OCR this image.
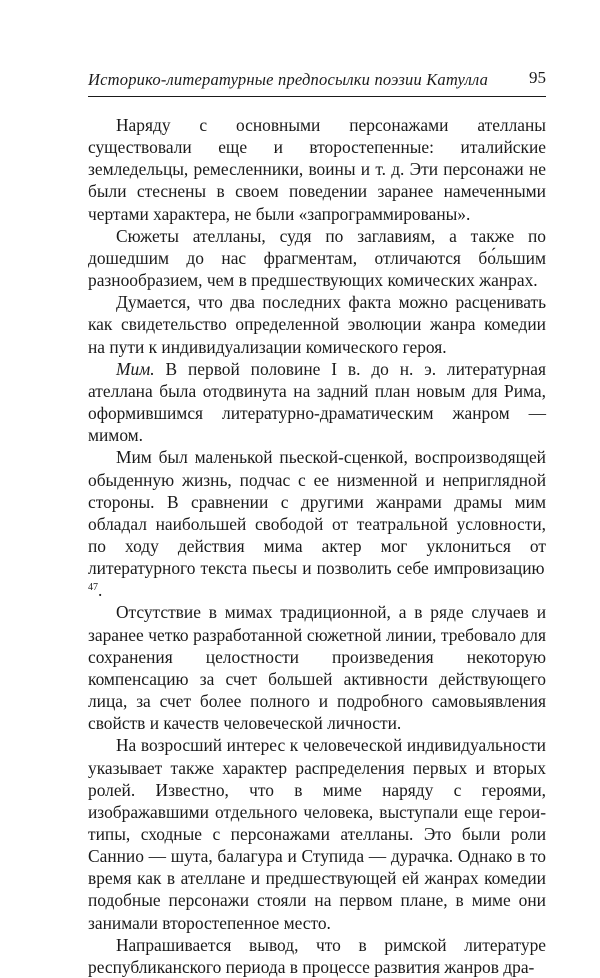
Историко-литературные предпосылки поэзии Катулла 95

Наряду с основными персонажами ателланы существовали еще и второстепенные: италийские земледельцы, ремесленники, воины и т. д. Эти персонажи не были стеснены в своем поведении заранее намеченными чертами характера, не были «запрограммированы».

Сюжеты ателланы, судя по заглавиям, а также по дошедшим до нас фрагментам, отличаются бо́льшим разнообразием, чем в предшествующих комических жанрах.

Думается, что два последних факта можно расценивать как свидетельство определенной эволюции жанра комедии на пути к индивидуализации комического героя.

Мим. В первой половине I в. до н. э. литературная ателлана была отодвинута на задний план новым для Рима, оформившимся литературно-драматическим жанром — мимом.

Мим был маленькой пьеской-сценкой, воспроизводящей обыденную жизнь, подчас с ее низменной и неприглядной стороны. В сравнении с другими жанрами драмы мим обладал наибольшей свободой от театральной условности, по ходу действия мима актер мог уклониться от литературного текста пьесы и позволить себе импровизацию $^{47}$.

Отсутствие в мимах традиционной, а в ряде случаев и заранее четко разработанной сюжетной линии, требовало для сохранения целостности произведения некоторую компенсацию за счет большей активности действующего лица, за счет более полного и подробного самовыявления свойств и качеств человеческой личности.

На возросший интерес к человеческой индивидуальности указывает также характер распределения первых и вторых ролей. Известно, что в миме наряду с героями, изображавшими отдельного человека, выступали еще герои-типы, сходные с персонажами ателланы. Это были роли Саннио — шута, балагура и Ступида — дурачка. Однако в то время как в ателлане и предшествующей ей жанрах комедии подобные персонажи стояли на первом плане, в миме они занимали второстепенное место.

Напрашивается вывод, что в римской литературе республиканского периода в процессе развития жанров дра-
